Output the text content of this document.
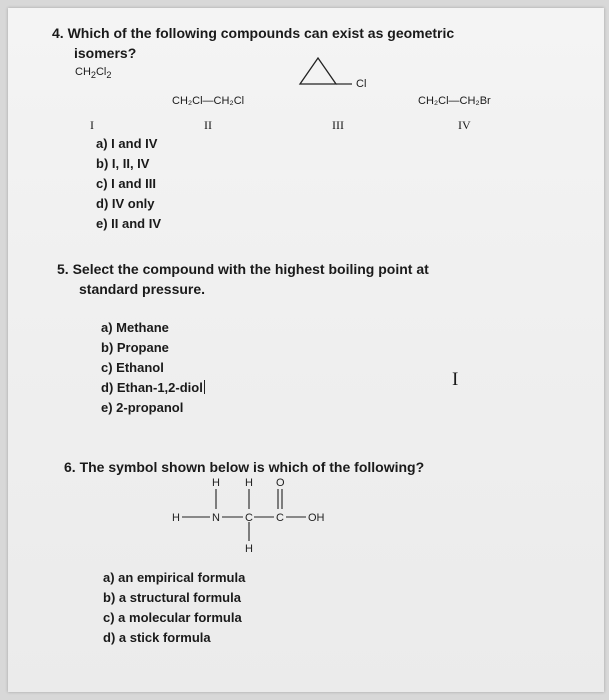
4. Which of the following compounds can exist as geometric
isomers?
$CH_2Cl_2$
CH₂Cl—CH₂Cl
Cl
CH₂Cl—CH₂Br
I	II	III	IV
a) I and IV
b) I, II, IV
c) I and III
d) IV only
e) II and IV
5. Select the compound with the highest boiling point at
standard pressure.
a) Methane
b) Propane
c) Ethanol
d) Ethan-1,2-diol
e) 2-propanol
I
6. The symbol shown below is which of the following?
H H O
H	N C C OH
H
a) an empirical formula
b) a structural formula
c) a molecular formula
d) a stick formula
